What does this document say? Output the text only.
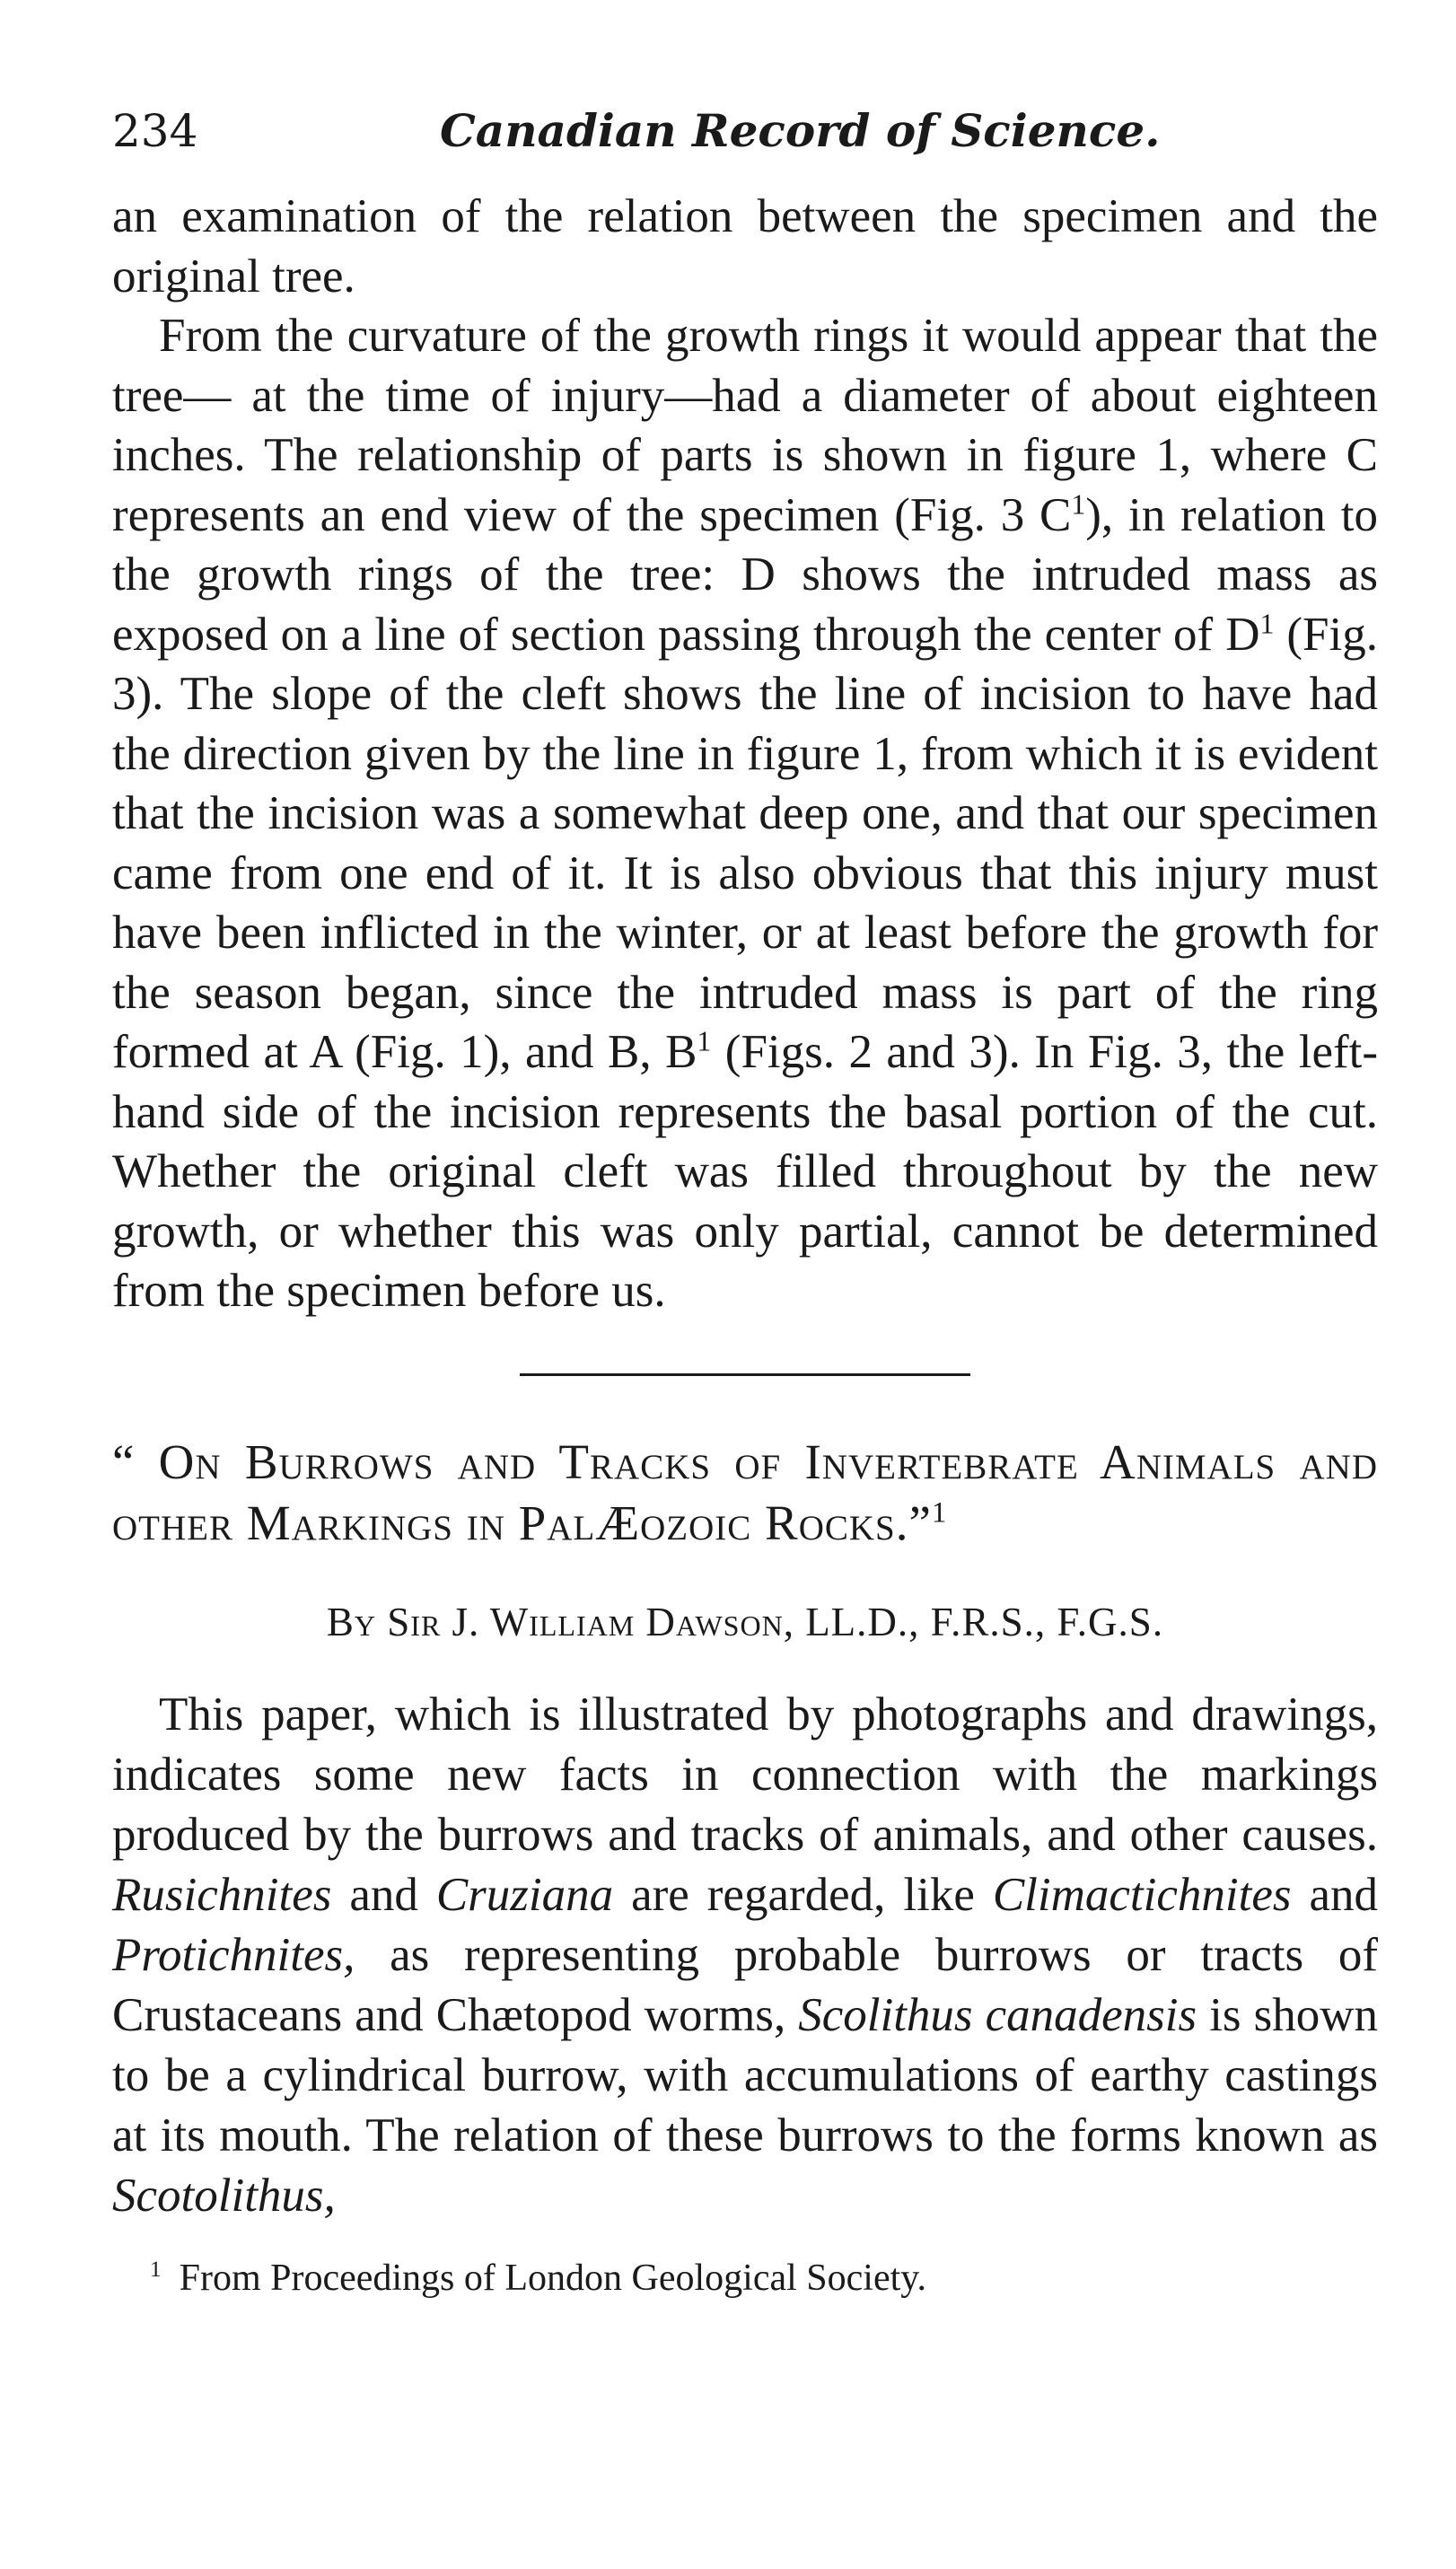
234	Canadian Record of Science.

an examination of the relation between the specimen and the original tree.

From the curvature of the growth rings it would appear that the tree— at the time of injury—had a diameter of about eighteen inches. The relationship of parts is shown in figure 1, where C represents an end view of the specimen (Fig. 3 $C^1$), in relation to the growth rings of the tree: D shows the intruded mass as exposed on a line of section passing through the center of $D^1$ (Fig. 3). The slope of the cleft shows the line of incision to have had the direction given by the line in figure 1, from which it is evident that the incision was a somewhat deep one, and that our specimen came from one end of it. It is also obvious that this injury must have been inflicted in the winter, or at least before the growth for the season began, since the intruded mass is part of the ring formed at A (Fig. 1), and B, $B^1$ (Figs. 2 and 3). In Fig. 3, the left-hand side of the incision represents the basal portion of the cut. Whether the original cleft was filled throughout by the new growth, or whether this was only partial, cannot be determined from the specimen before us.

“ On Burrows and Tracks of Invertebrate Animals and other Markings in PalÆozoic Rocks.”$^1$
By Sir J. William Dawson, LL.D., F.R.S., F.G.S.

This paper, which is illustrated by photographs and drawings, indicates some new facts in connection with the markings produced by the burrows and tracks of animals, and other causes. Rusichnites and Cruziana are regarded, like Climactichnites and Protichnites, as representing probable burrows or tracts of Crustaceans and Chætopod worms, Scolithus canadensis is shown to be a cylindrical burrow, with accumulations of earthy castings at its mouth. The relation of these burrows to the forms known as Scotolithus,

$^1$ From Proceedings of London Geological Society.
